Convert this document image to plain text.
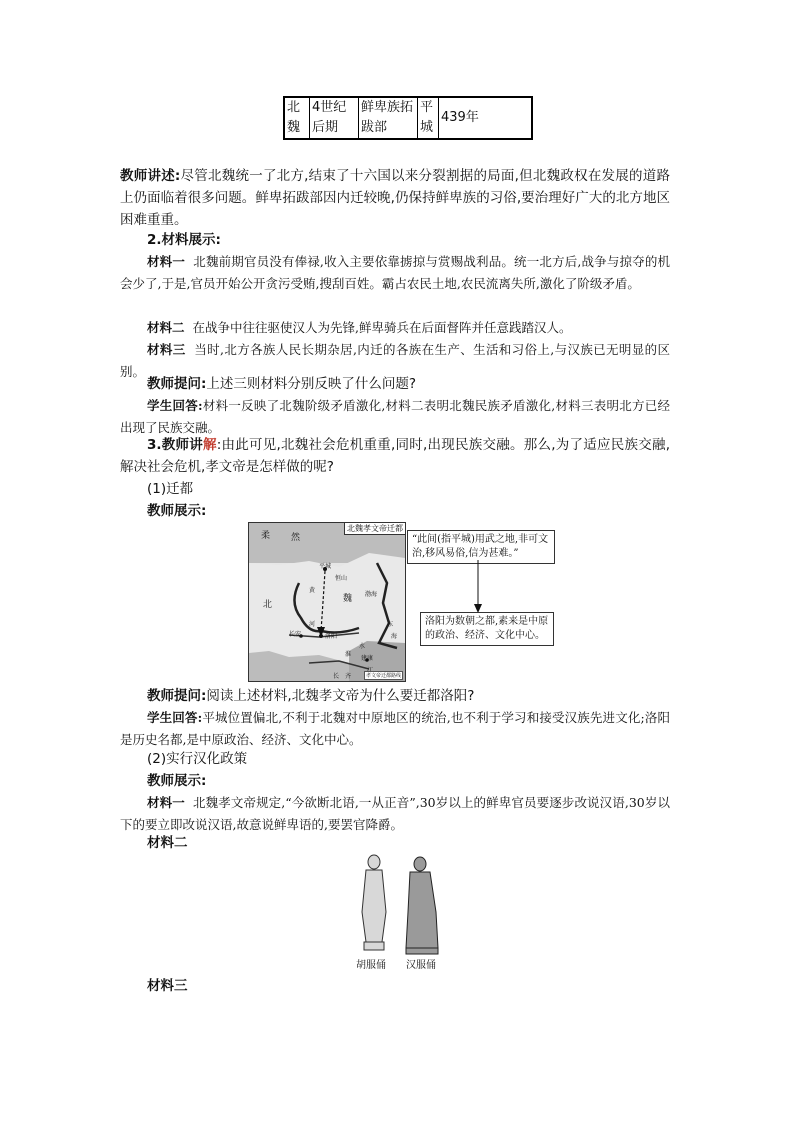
北魏	4世纪后期	鲜卑族拓跋部	平城	439年
教师讲述:尽管北魏统一了北方,结束了十六国以来分裂割据的局面,但北魏政权在发展的道路上仍面临着很多问题。鲜卑拓跋部因内迁较晚,仍保持鲜卑族的习俗,要治理好广大的北方地区困难重重。
2.材料展示:
材料一 北魏前期官员没有俸禄,收入主要依靠掳掠与赏赐战利品。统一北方后,战争与掠夺的机会少了,于是,官员开始公开贪污受贿,搜刮百姓。霸占农民土地,农民流离失所,激化了阶级矛盾。
材料二 在战争中往往驱使汉人为先锋,鲜卑骑兵在后面督阵并任意践踏汉人。
材料三 当时,北方各族人民长期杂居,内迁的各族在生产、生活和习俗上,与汉族已无明显的区别。
教师提问:上述三则材料分别反映了什么问题?
学生回答:材料一反映了北魏阶级矛盾激化,材料二表明北魏民族矛盾激化,材料三表明北方已经出现了民族交融。
3.教师讲解:由此可见,北魏社会危机重重,同时,出现民族交融。那么,为了适应民族交融,解决社会危机,孝文帝是怎样做的呢?
(1)迁都
教师展示:
北魏孝文帝迁都
柔 然
平城
恒山
黄
北
魏 渤海
河
长安	洛阳
东
海
水
淮
建康
长 齐	孝文帝迁都路线
“此间(指平城)用武之地,非可文治,移风易俗,信为甚难。”
洛阳为数朝之都,素来是中原的政治、经济、文化中心。
教师提问:阅读上述材料,北魏孝文帝为什么要迁都洛阳?
学生回答:平城位置偏北,不利于北魏对中原地区的统治,也不利于学习和接受汉族先进文化;洛阳是历史名都,是中原政治、经济、文化中心。
(2)实行汉化政策
教师展示:
材料一 北魏孝文帝规定,“今欲断北语,一从正音”,30岁以上的鲜卑官员要逐步改说汉语,30岁以下的要立即改说汉语,故意说鲜卑语的,要罢官降爵。
材料二
胡服俑 汉服俑
材料三
